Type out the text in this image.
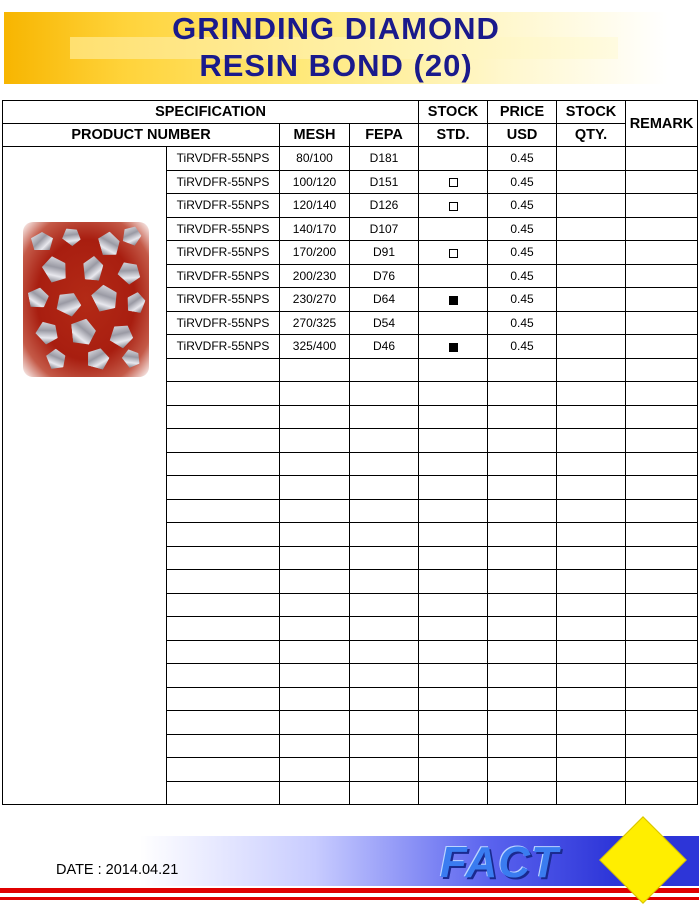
GRINDING DIAMOND
RESIN BOND (20)
SPECIFICATION				STOCK	PRICE	STOCK	REMARK
PRODUCT NUMBER		MESH	FEPA	STD.	USD	QTY.	

	TiRVDFR-55NPS	80/100	D181		0.45		
	TiRVDFR-55NPS	100/120	D151		0.45		
	TiRVDFR-55NPS	120/140	D126		0.45		
	TiRVDFR-55NPS	140/170	D107		0.45		
	TiRVDFR-55NPS	170/200	D91		0.45		
	TiRVDFR-55NPS	200/230	D76		0.45		
	TiRVDFR-55NPS	230/270	D64		0.45		
	TiRVDFR-55NPS	270/325	D54		0.45		
	TiRVDFR-55NPS	325/400	D46		0.45		

DATE : 2014.04.21	FACT
